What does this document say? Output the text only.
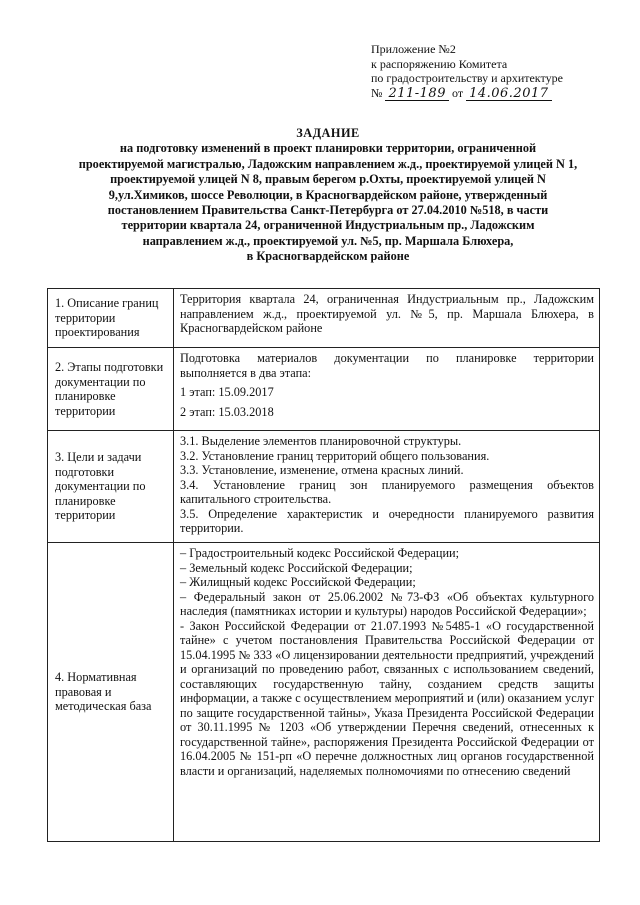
Приложение №2
к распоряжению Комитета
по градостроительству и архитектуре
№ 211-189 от 14.06.2017
ЗАДАНИЕ
на подготовку изменений в проект планировки территории, ограниченной
проектируемой магистралью, Ладожским направлением ж.д., проектируемой улицей N 1,
проектируемой улицей N 8, правым берегом р.Охты, проектируемой улицей N
9,ул.Химиков, шоссе Революции, в Красногвардейском районе, утвержденный
постановлением Правительства Санкт-Петербурга от 27.04.2010 №518, в части
территории квартала 24, ограниченной Индустриальным пр., Ладожским
направлением ж.д., проектируемой ул. №5, пр. Маршала Блюхера,
в Красногвардейском районе
1. Описание границ территории проектирования	Территория квартала 24, ограниченная Индустриальным пр., Ладожским направлением ж.д., проектируемой ул. №5, пр. Маршала Блюхера, в Красногвардейском районе
2. Этапы подготовки документации по планировке территории	Подготовка материалов документации по планировке территории выполняется в два этапа:

1 этап: 15.09.2017

2 этап: 15.03.2018

3. Цели и задачи подготовки документации по планировке территории	3.1. Выделение элементов планировочной структуры.

3.2. Установление границ территорий общего пользования.

3.3. Установление, изменение, отмена красных линий.

3.4. Установление границ зон планируемого размещения объектов капитального строительства.

3.5. Определение характеристик и очередности планируемого развития территории.

4. Нормативная правовая и методическая база	– Градостроительный кодекс Российской Федерации;

– Земельный кодекс Российской Федерации;

– Жилищный кодекс Российской Федерации;

– Федеральный закон от 25.06.2002 №73-ФЗ «Об объектах культурного наследия (памятниках истории и культуры) народов Российской Федерации»;

- Закон Российской Федерации от 21.07.1993 №5485-1 «О государственной тайне» с учетом постановления Правительства Российской Федерации от 15.04.1995 № 333 «О лицензировании деятельности предприятий, учреждений и организаций по проведению работ, связанных с использованием сведений, составляющих государственную тайну, созданием средств защиты информации, а также с осуществлением мероприятий и (или) оказанием услуг по защите государственной тайны», Указа Президента Российской Федерации от 30.11.1995 № 1203 «Об утверждении Перечня сведений, отнесенных к государственной тайне», распоряжения Президента Российской Федерации от 16.04.2005 № 151-рп «О перечне должностных лиц органов государственной власти и организаций, наделяемых полномочиями по отнесению сведений
